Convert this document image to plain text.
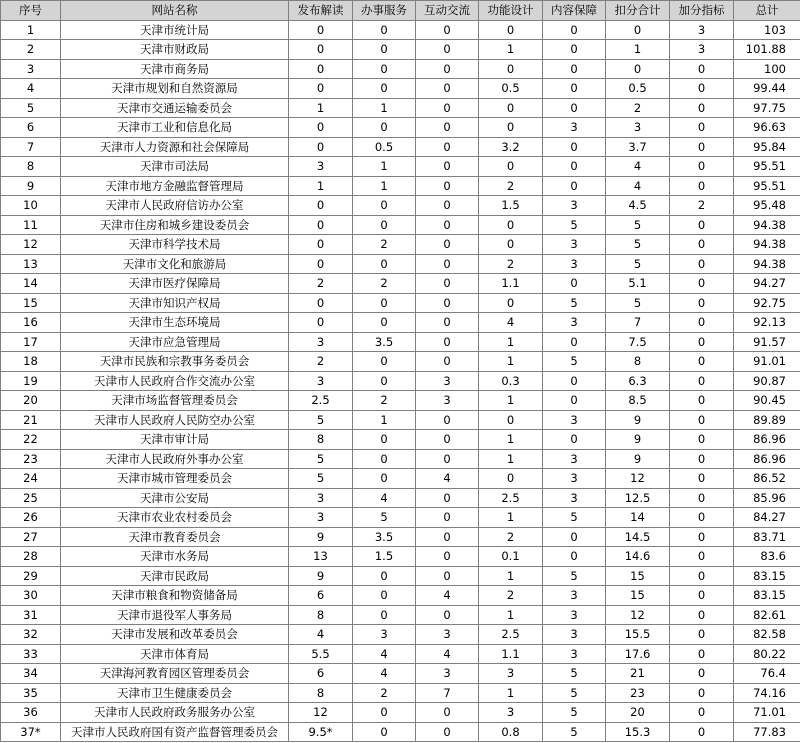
序号	网站名称	发布解读	办事服务	互动交流	功能设计	内容保障	扣分合计	加分指标	总计
1	天津市统计局	0	0	0	0	0	0	3	103
2	天津市财政局	0	0	0	1	0	1	3	101.88
3	天津市商务局	0	0	0	0	0	0	0	100
4	天津市规划和自然资源局	0	0	0	0.5	0	0.5	0	99.44
5	天津市交通运输委员会	1	1	0	0	0	2	0	97.75
6	天津市工业和信息化局	0	0	0	0	3	3	0	96.63
7	天津市人力资源和社会保障局	0	0.5	0	3.2	0	3.7	0	95.84
8	天津市司法局	3	1	0	0	0	4	0	95.51
9	天津市地方金融监督管理局	1	1	0	2	0	4	0	95.51
10	天津市人民政府信访办公室	0	0	0	1.5	3	4.5	2	95.48
11	天津市住房和城乡建设委员会	0	0	0	0	5	5	0	94.38
12	天津市科学技术局	0	2	0	0	3	5	0	94.38
13	天津市文化和旅游局	0	0	0	2	3	5	0	94.38
14	天津市医疗保障局	2	2	0	1.1	0	5.1	0	94.27
15	天津市知识产权局	0	0	0	0	5	5	0	92.75
16	天津市生态环境局	0	0	0	4	3	7	0	92.13
17	天津市应急管理局	3	3.5	0	1	0	7.5	0	91.57
18	天津市民族和宗教事务委员会	2	0	0	1	5	8	0	91.01
19	天津市人民政府合作交流办公室	3	0	3	0.3	0	6.3	0	90.87
20	天津市场监督管理委员会	2.5	2	3	1	0	8.5	0	90.45
21	天津市人民政府人民防空办公室	5	1	0	0	3	9	0	89.89
22	天津市审计局	8	0	0	1	0	9	0	86.96
23	天津市人民政府外事办公室	5	0	0	1	3	9	0	86.96
24	天津市城市管理委员会	5	0	4	0	3	12	0	86.52
25	天津市公安局	3	4	0	2.5	3	12.5	0	85.96
26	天津市农业农村委员会	3	5	0	1	5	14	0	84.27
27	天津市教育委员会	9	3.5	0	2	0	14.5	0	83.71
28	天津市水务局	13	1.5	0	0.1	0	14.6	0	83.6
29	天津市民政局	9	0	0	1	5	15	0	83.15
30	天津市粮食和物资储备局	6	0	4	2	3	15	0	83.15
31	天津市退役军人事务局	8	0	0	1	3	12	0	82.61
32	天津市发展和改革委员会	4	3	3	2.5	3	15.5	0	82.58
33	天津市体育局	5.5	4	4	1.1	3	17.6	0	80.22
34	天津海河教育园区管理委员会	6	4	3	3	5	21	0	76.4
35	天津市卫生健康委员会	8	2	7	1	5	23	0	74.16
36	天津市人民政府政务服务办公室	12	0	0	3	5	20	0	71.01
37*	天津市人民政府国有资产监督管理委员会	9.5*	0	0	0.8	5	15.3	0	77.83
